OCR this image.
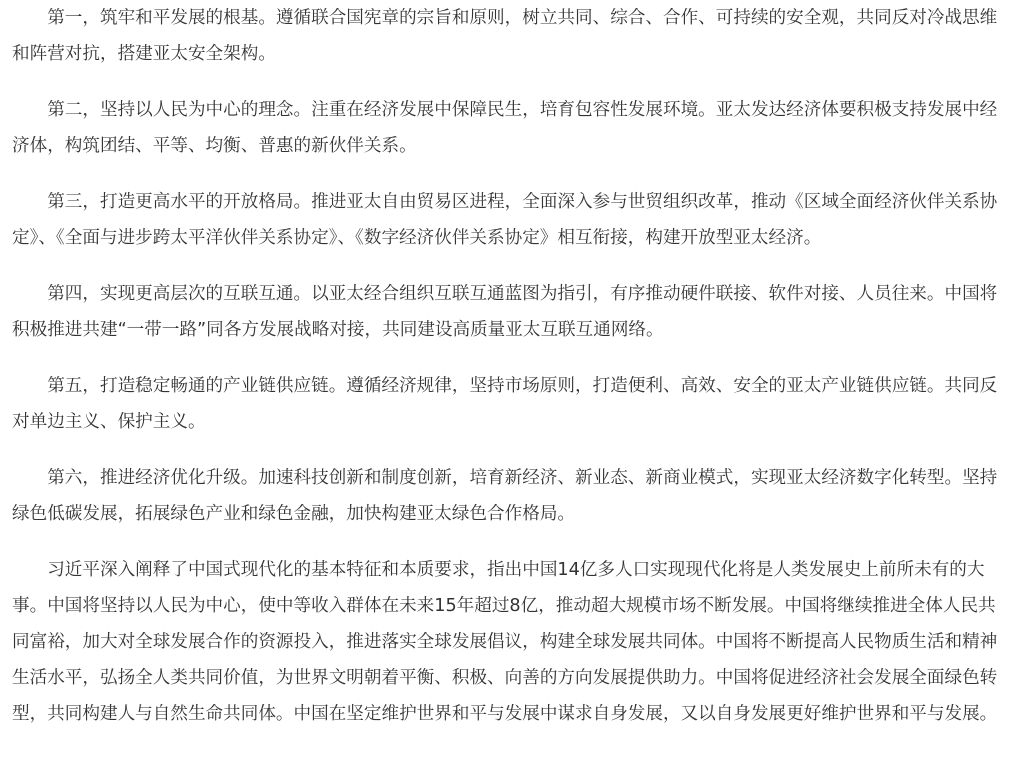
第一，筑牢和平发展的根基。遵循联合国宪章的宗旨和原则，树立共同、综合、合作、可持续的安全观，共同反对冷战思维和阵营对抗，搭建亚太安全架构。

第二，坚持以人民为中心的理念。注重在经济发展中保障民生，培育包容性发展环境。亚太发达经济体要积极支持发展中经济体，构筑团结、平等、均衡、普惠的新伙伴关系。

第三，打造更高水平的开放格局。推进亚太自由贸易区进程，全面深入参与世贸组织改革，推动《区域全面经济伙伴关系协定》、《全面与进步跨太平洋伙伴关系协定》、《数字经济伙伴关系协定》相互衔接，构建开放型亚太经济。

第四，实现更高层次的互联互通。以亚太经合组织互联互通蓝图为指引，有序推动硬件联接、软件对接、人员往来。中国将积极推进共建“一带一路”同各方发展战略对接，共同建设高质量亚太互联互通网络。

第五，打造稳定畅通的产业链供应链。遵循经济规律，坚持市场原则，打造便利、高效、安全的亚太产业链供应链。共同反对单边主义、保护主义。

第六，推进经济优化升级。加速科技创新和制度创新，培育新经济、新业态、新商业模式，实现亚太经济数字化转型。坚持绿色低碳发展，拓展绿色产业和绿色金融，加快构建亚太绿色合作格局。

习近平深入阐释了中国式现代化的基本特征和本质要求，指出中国14亿多人口实现现代化将是人类发展史上前所未有的大事。中国将坚持以人民为中心，使中等收入群体在未来15年超过8亿，推动超大规模市场不断发展。中国将继续推进全体人民共同富裕，加大对全球发展合作的资源投入，推进落实全球发展倡议，构建全球发展共同体。中国将不断提高人民物质生活和精神生活水平，弘扬全人类共同价值，为世界文明朝着平衡、积极、向善的方向发展提供助力。中国将促进经济社会发展全面绿色转型，共同构建人与自然生命共同体。中国在坚定维护世界和平与发展中谋求自身发展，又以自身发展更好维护世界和平与发展。
